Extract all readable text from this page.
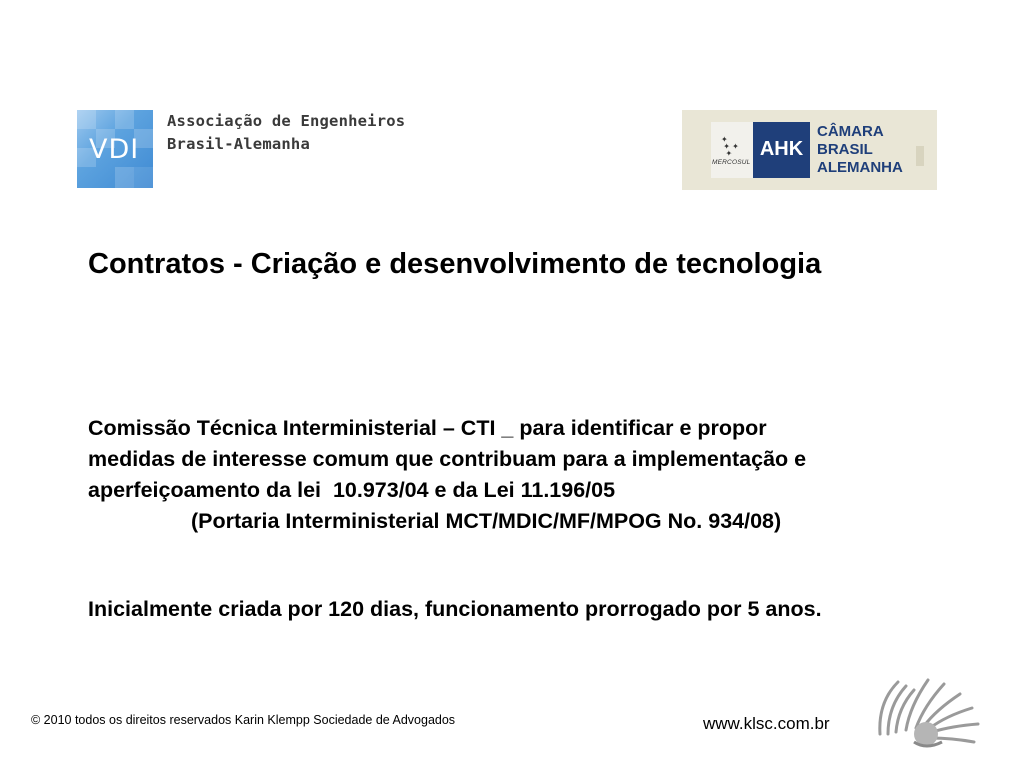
VDI
Associação de Engenheiros
Brasil-Alemanha	✦
✦ ✦
✦
MERCOSUL
AHK
CÂMARA
BRASIL
ALEMANHA
Contratos - Criação e desenvolvimento de tecnologia
Comissão Técnica Interministerial – CTI _ para identificar e propor
medidas de interesse comum que contribuam para a implementação e
aperfeiçoamento da lei  10.973/04 e da Lei 11.196/05
(Portaria Interministerial MCT/MDIC/MF/MPOG No. 934/08)
Inicialmente criada por 120 dias, funcionamento prorrogado por 5 anos.
© 2010 todos os direitos reservados Karin Klempp Sociedade de Advogados	www.klsc.com.br
